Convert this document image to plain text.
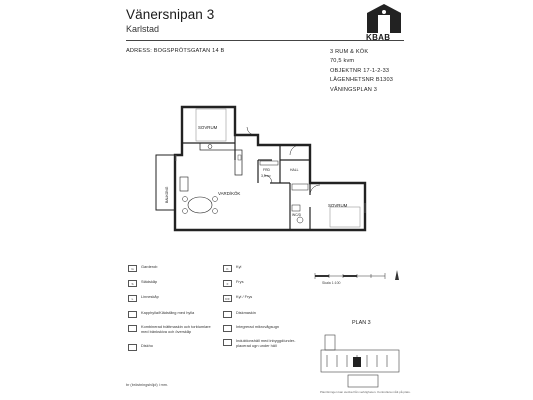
Vänersnipan 3
Karlstad
KBAB
ADRESS: BOGSPRÖTSGATAN 14 B	3 RUM & KÖK
70,5 kvm
OBJEKTNR 17-1-2-33
LÄGENHETSNR B1303
VÅNINGSPLAN 3
SOVRUM
VARD/KÖK
FRD
3,5 m²
HALL
WC/D
SOVRUM
BALKONG
G	Garderob
S	Städskåp
L	Linneskåp
Kapphylla/Klädstång med hylla
Kombinerad tvättmaskin och torktumlare med bänkskiva och överskåp
Diskho
K	Kyl
F	Frys
K/F	Kyl / Frys
Diskmaskin
Integrerad mikrovågsugn
Induktionshäll med inbyggd/under-placerad ugn under häll
Skala 1:100
PLAN 3
br (bröstningshöjd) i mm.
Planritningen kan avvika från verkligheten. Kontrollera mått på plats.
